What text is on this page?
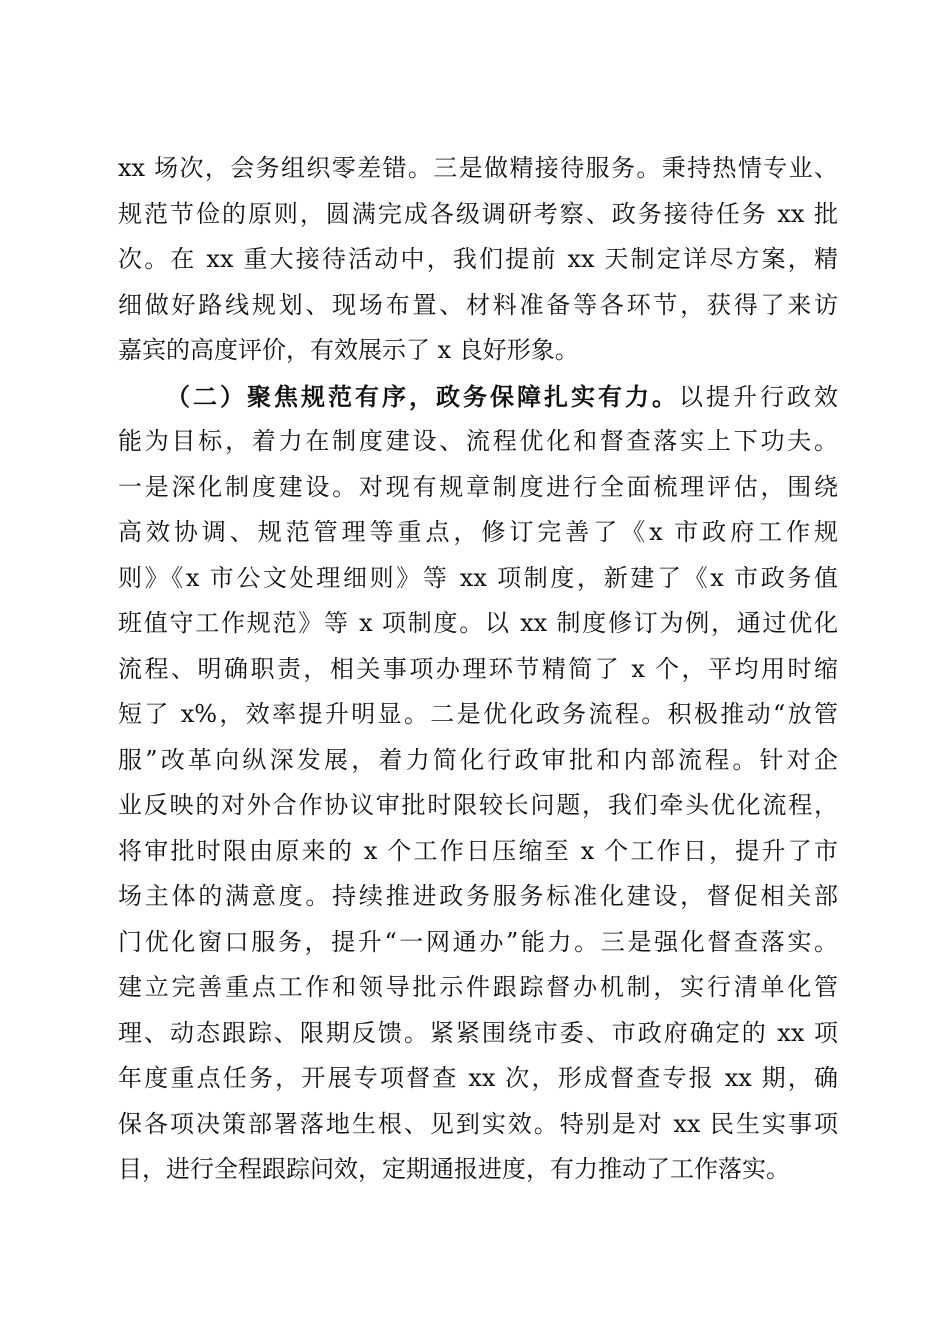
xx 场次，会务组织零差错。三是做精接待服务。秉持热情专业、
规范节俭的原则，圆满完成各级调研考察、政务接待任务 xx 批
次。在 xx 重大接待活动中，我们提前 xx 天制定详尽方案，精
细做好路线规划、现场布置、材料准备等各环节，获得了来访
嘉宾的高度评价，有效展示了 x 良好形象。
（二）聚焦规范有序，政务保障扎实有力。以提升行政效
能为目标，着力在制度建设、流程优化和督查落实上下功夫。
一是深化制度建设。对现有规章制度进行全面梳理评估，围绕
高效协调、规范管理等重点，修订完善了《x 市政府工作规
则》《x 市公文处理细则》等 xx 项制度，新建了《x 市政务值
班值守工作规范》等 x 项制度。以 xx 制度修订为例，通过优化
流程、明确职责，相关事项办理环节精简了 x 个，平均用时缩
短了 x%，效率提升明显。二是优化政务流程。积极推动“放管
服”改革向纵深发展，着力简化行政审批和内部流程。针对企
业反映的对外合作协议审批时限较长问题，我们牵头优化流程，
将审批时限由原来的 x 个工作日压缩至 x 个工作日，提升了市
场主体的满意度。持续推进政务服务标准化建设，督促相关部
门优化窗口服务，提升“一网通办”能力。三是强化督查落实。
建立完善重点工作和领导批示件跟踪督办机制，实行清单化管
理、动态跟踪、限期反馈。紧紧围绕市委、市政府确定的 xx 项
年度重点任务，开展专项督查 xx 次，形成督查专报 xx 期，确
保各项决策部署落地生根、见到实效。特别是对 xx 民生实事项
目，进行全程跟踪问效，定期通报进度，有力推动了工作落实。
